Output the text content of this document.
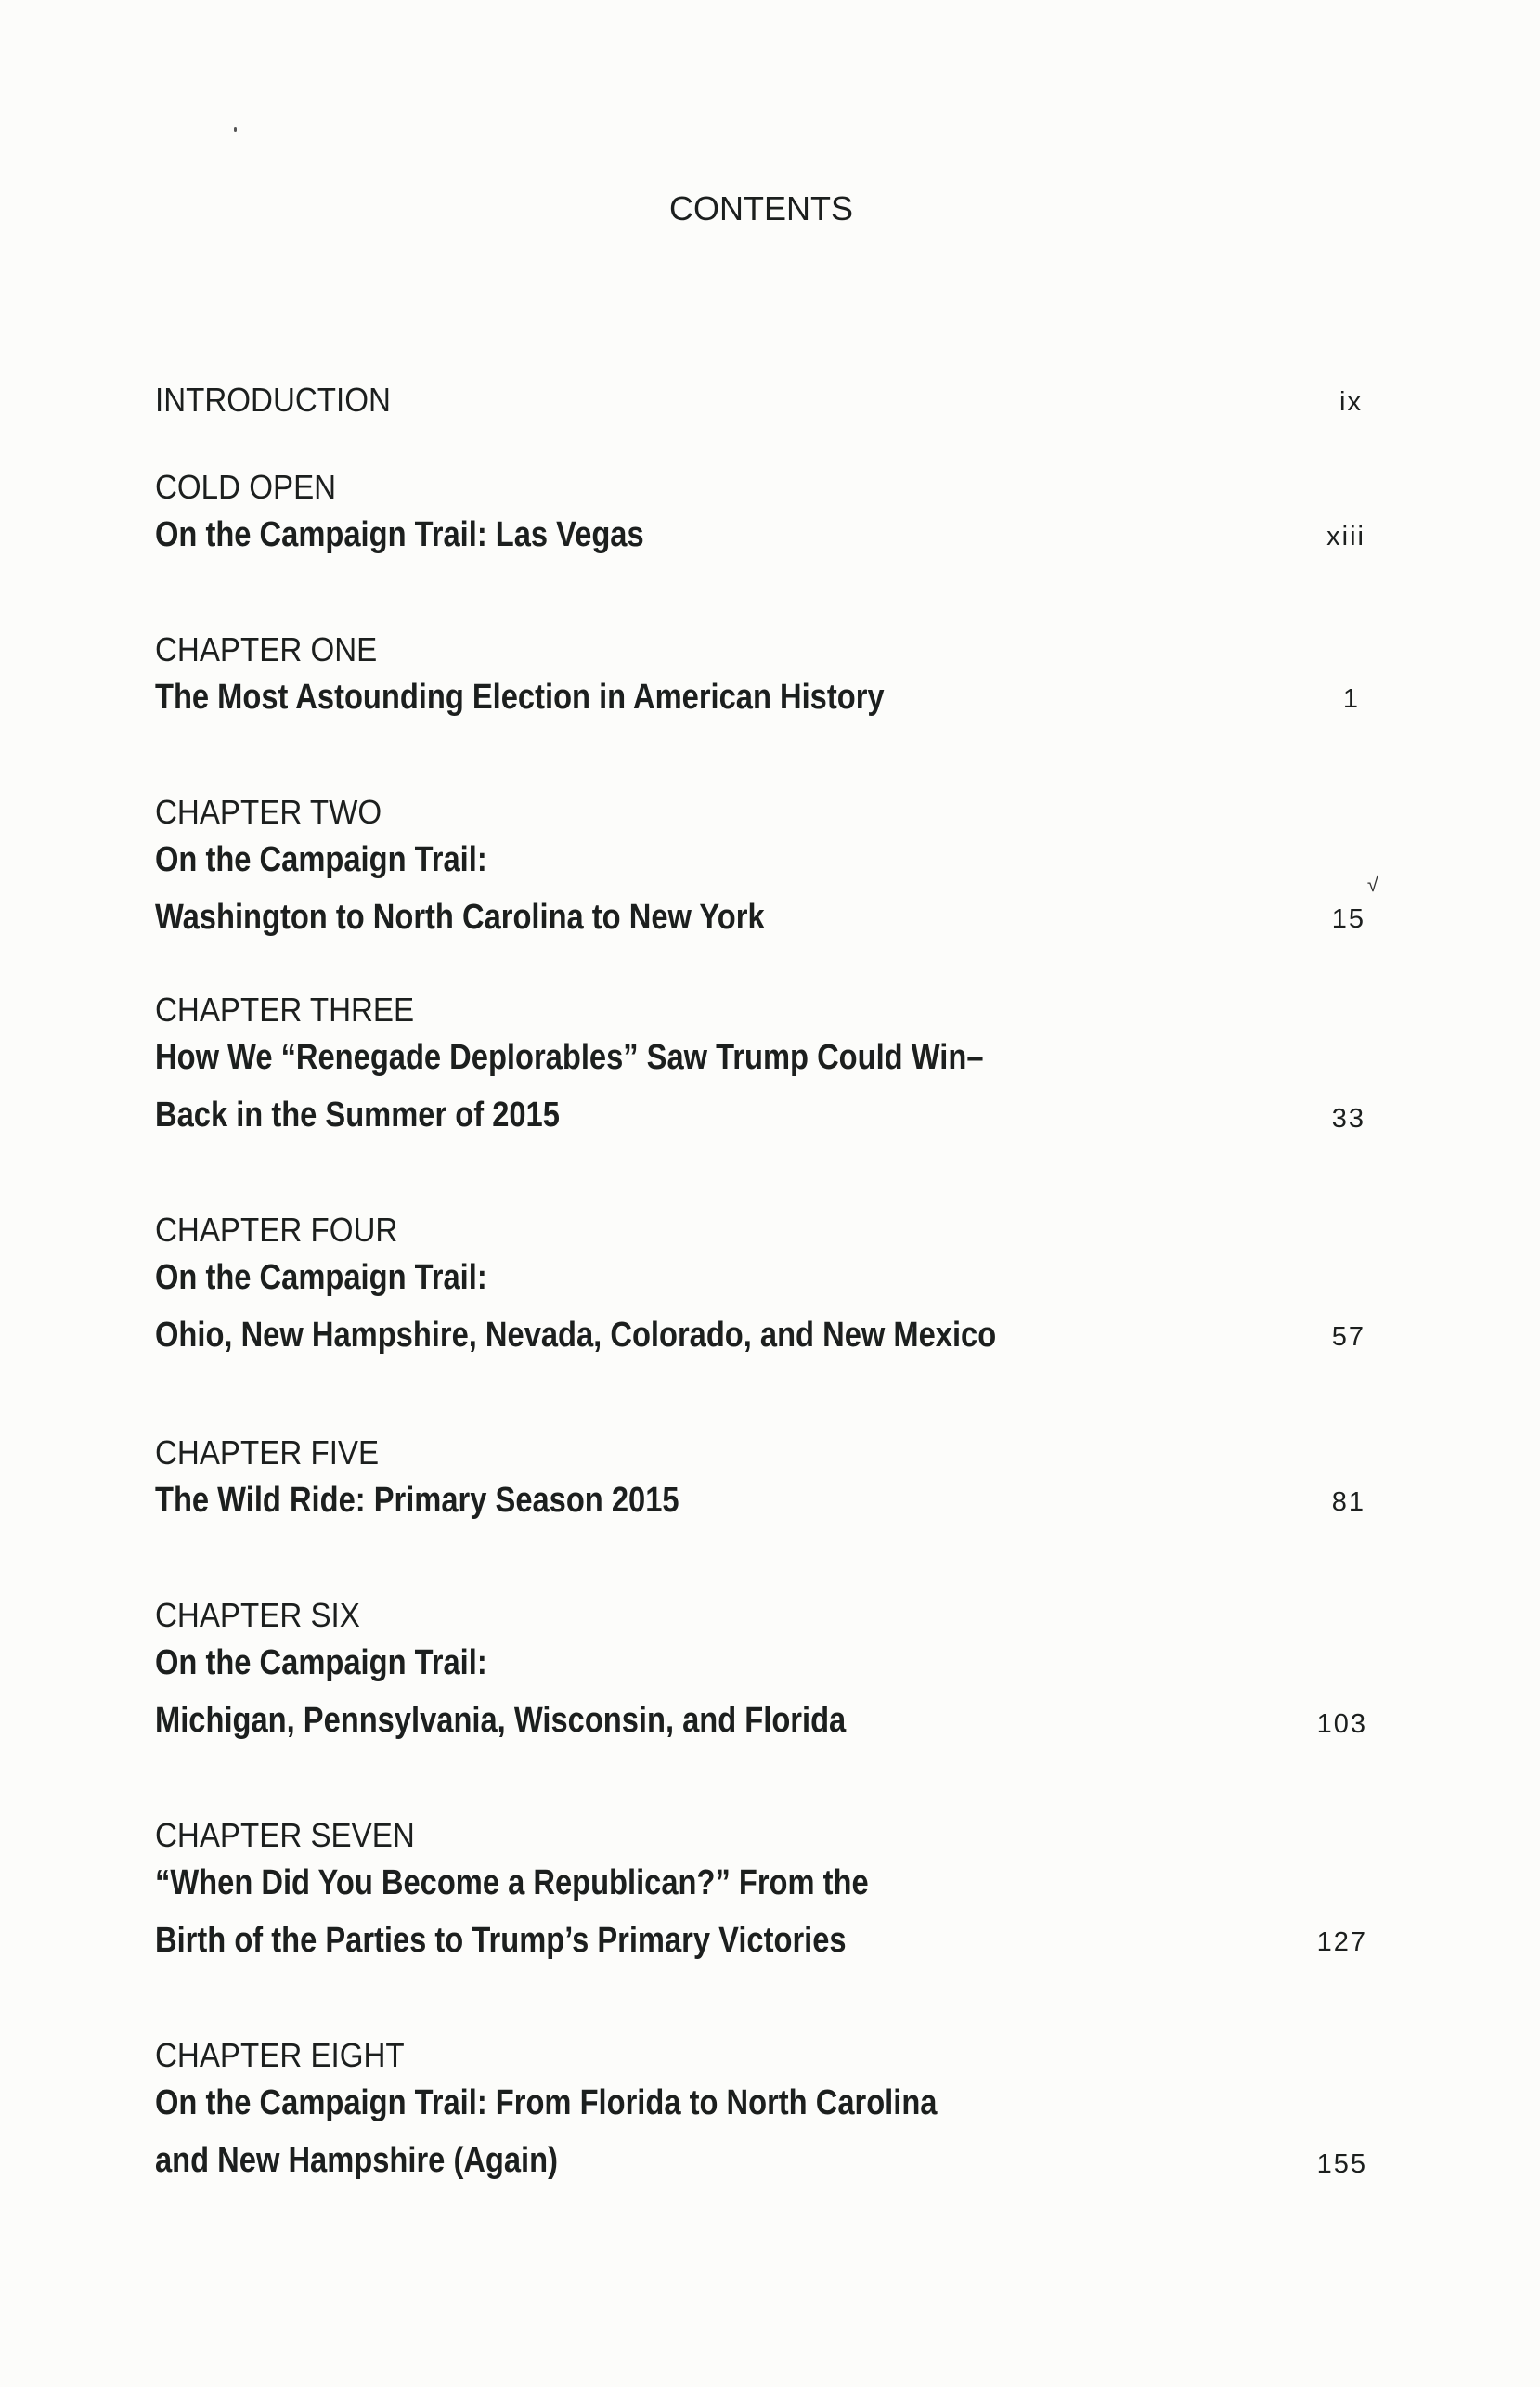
CONTENTS
INTRODUCTION	ix
COLD OPEN
On the Campaign Trail: Las Vegas	xiii
CHAPTER ONE
The Most Astounding Election in American History	1
CHAPTER TWO
On the Campaign Trail:
Washington to North Carolina to New York	15
√
CHAPTER THREE
How We “Renegade Deplorables” Saw Trump Could Win–
Back in the Summer of 2015	33
CHAPTER FOUR
On the Campaign Trail:
Ohio, New Hampshire, Nevada, Colorado, and New Mexico	57
CHAPTER FIVE
The Wild Ride: Primary Season 2015	81
CHAPTER SIX
On the Campaign Trail:
Michigan, Pennsylvania, Wisconsin, and Florida	103
CHAPTER SEVEN
“When Did You Become a Republican?” From the
Birth of the Parties to Trump’s Primary Victories	127
CHAPTER EIGHT
On the Campaign Trail: From Florida to North Carolina
and New Hampshire (Again)	155
